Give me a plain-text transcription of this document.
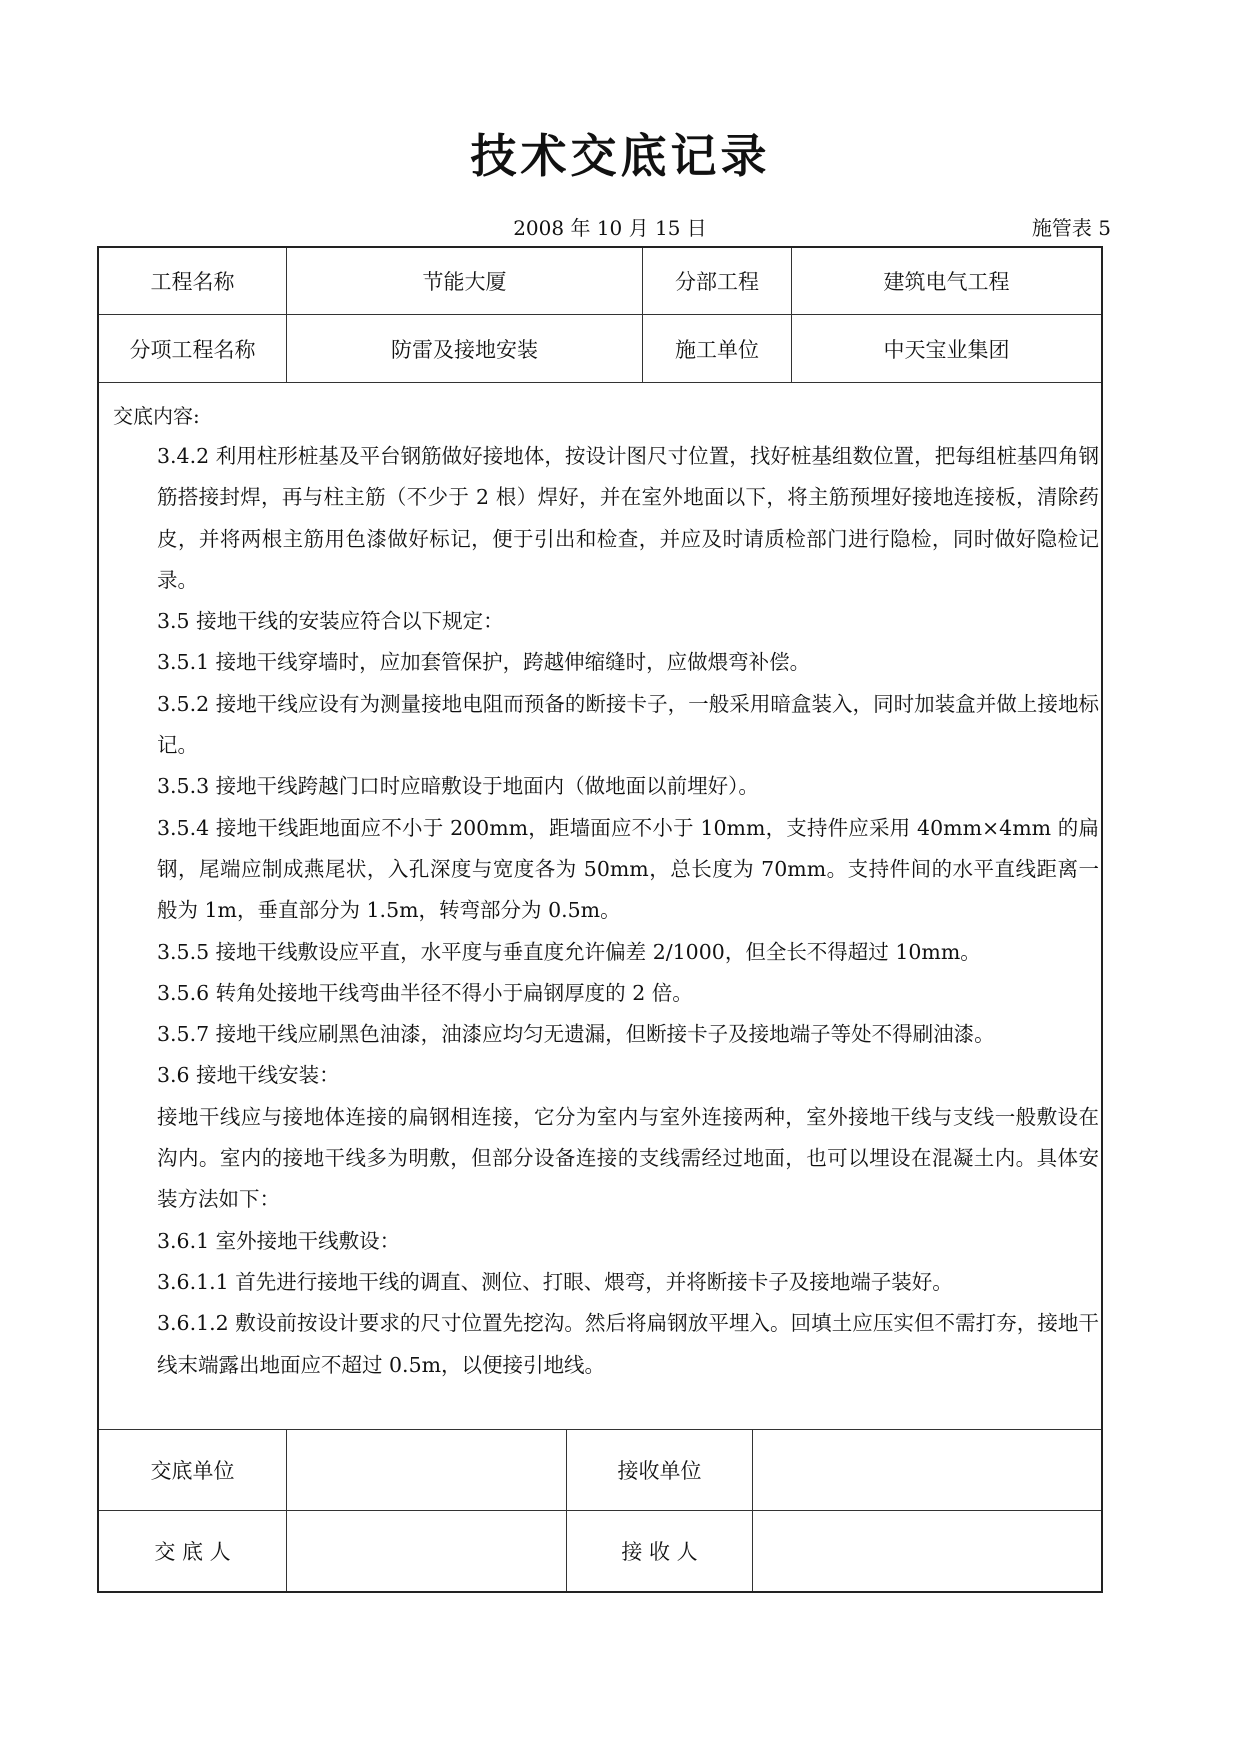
技术交底记录
2008 年 10 月 15 日	施管表 5
工程名称	节能大厦	分部工程	建筑电气工程
分项工程名称	防雷及接地安装	施工单位	中天宝业集团
交底内容:

3.4.2 利用柱形桩基及平台钢筋做好接地体，按设计图尺寸位置，找好桩基组数位置，把每组桩基四角钢筋搭接封焊，再与柱主筋（不少于 2 根）焊好，并在室外地面以下，将主筋预埋好接地连接板，清除药皮，并将两根主筋用色漆做好标记，便于引出和检查，并应及时请质检部门进行隐检，同时做好隐检记录。

3.5 接地干线的安装应符合以下规定：

3.5.1 接地干线穿墙时，应加套管保护，跨越伸缩缝时，应做煨弯补偿。

3.5.2 接地干线应设有为测量接地电阻而预备的断接卡子，一般采用暗盒装入，同时加装盒并做上接地标记。

3.5.3 接地干线跨越门口时应暗敷设于地面内（做地面以前埋好）。

3.5.4 接地干线距地面应不小于 200mm，距墙面应不小于 10mm，支持件应采用 40mm×4mm 的扁钢，尾端应制成燕尾状，入孔深度与宽度各为 50mm，总长度为 70mm。支持件间的水平直线距离一般为 1m，垂直部分为 1.5m，转弯部分为 0.5m。

3.5.5 接地干线敷设应平直，水平度与垂直度允许偏差 2/1000，但全长不得超过 10mm。

3.5.6 转角处接地干线弯曲半径不得小于扁钢厚度的 2 倍。

3.5.7 接地干线应刷黑色油漆，油漆应均匀无遗漏，但断接卡子及接地端子等处不得刷油漆。

3.6 接地干线安装：

接地干线应与接地体连接的扁钢相连接，它分为室内与室外连接两种，室外接地干线与支线一般敷设在沟内。室内的接地干线多为明敷，但部分设备连接的支线需经过地面，也可以埋设在混凝土内。具体安装方法如下：

3.6.1 室外接地干线敷设：

3.6.1.1 首先进行接地干线的调直、测位、打眼、煨弯，并将断接卡子及接地端子装好。

3.6.1.2 敷设前按设计要求的尺寸位置先挖沟。然后将扁钢放平埋入。回填土应压实但不需打夯，接地干线末端露出地面应不超过 0.5m，以便接引地线。

交底单位	接收单位
交 底 人	接 收 人
